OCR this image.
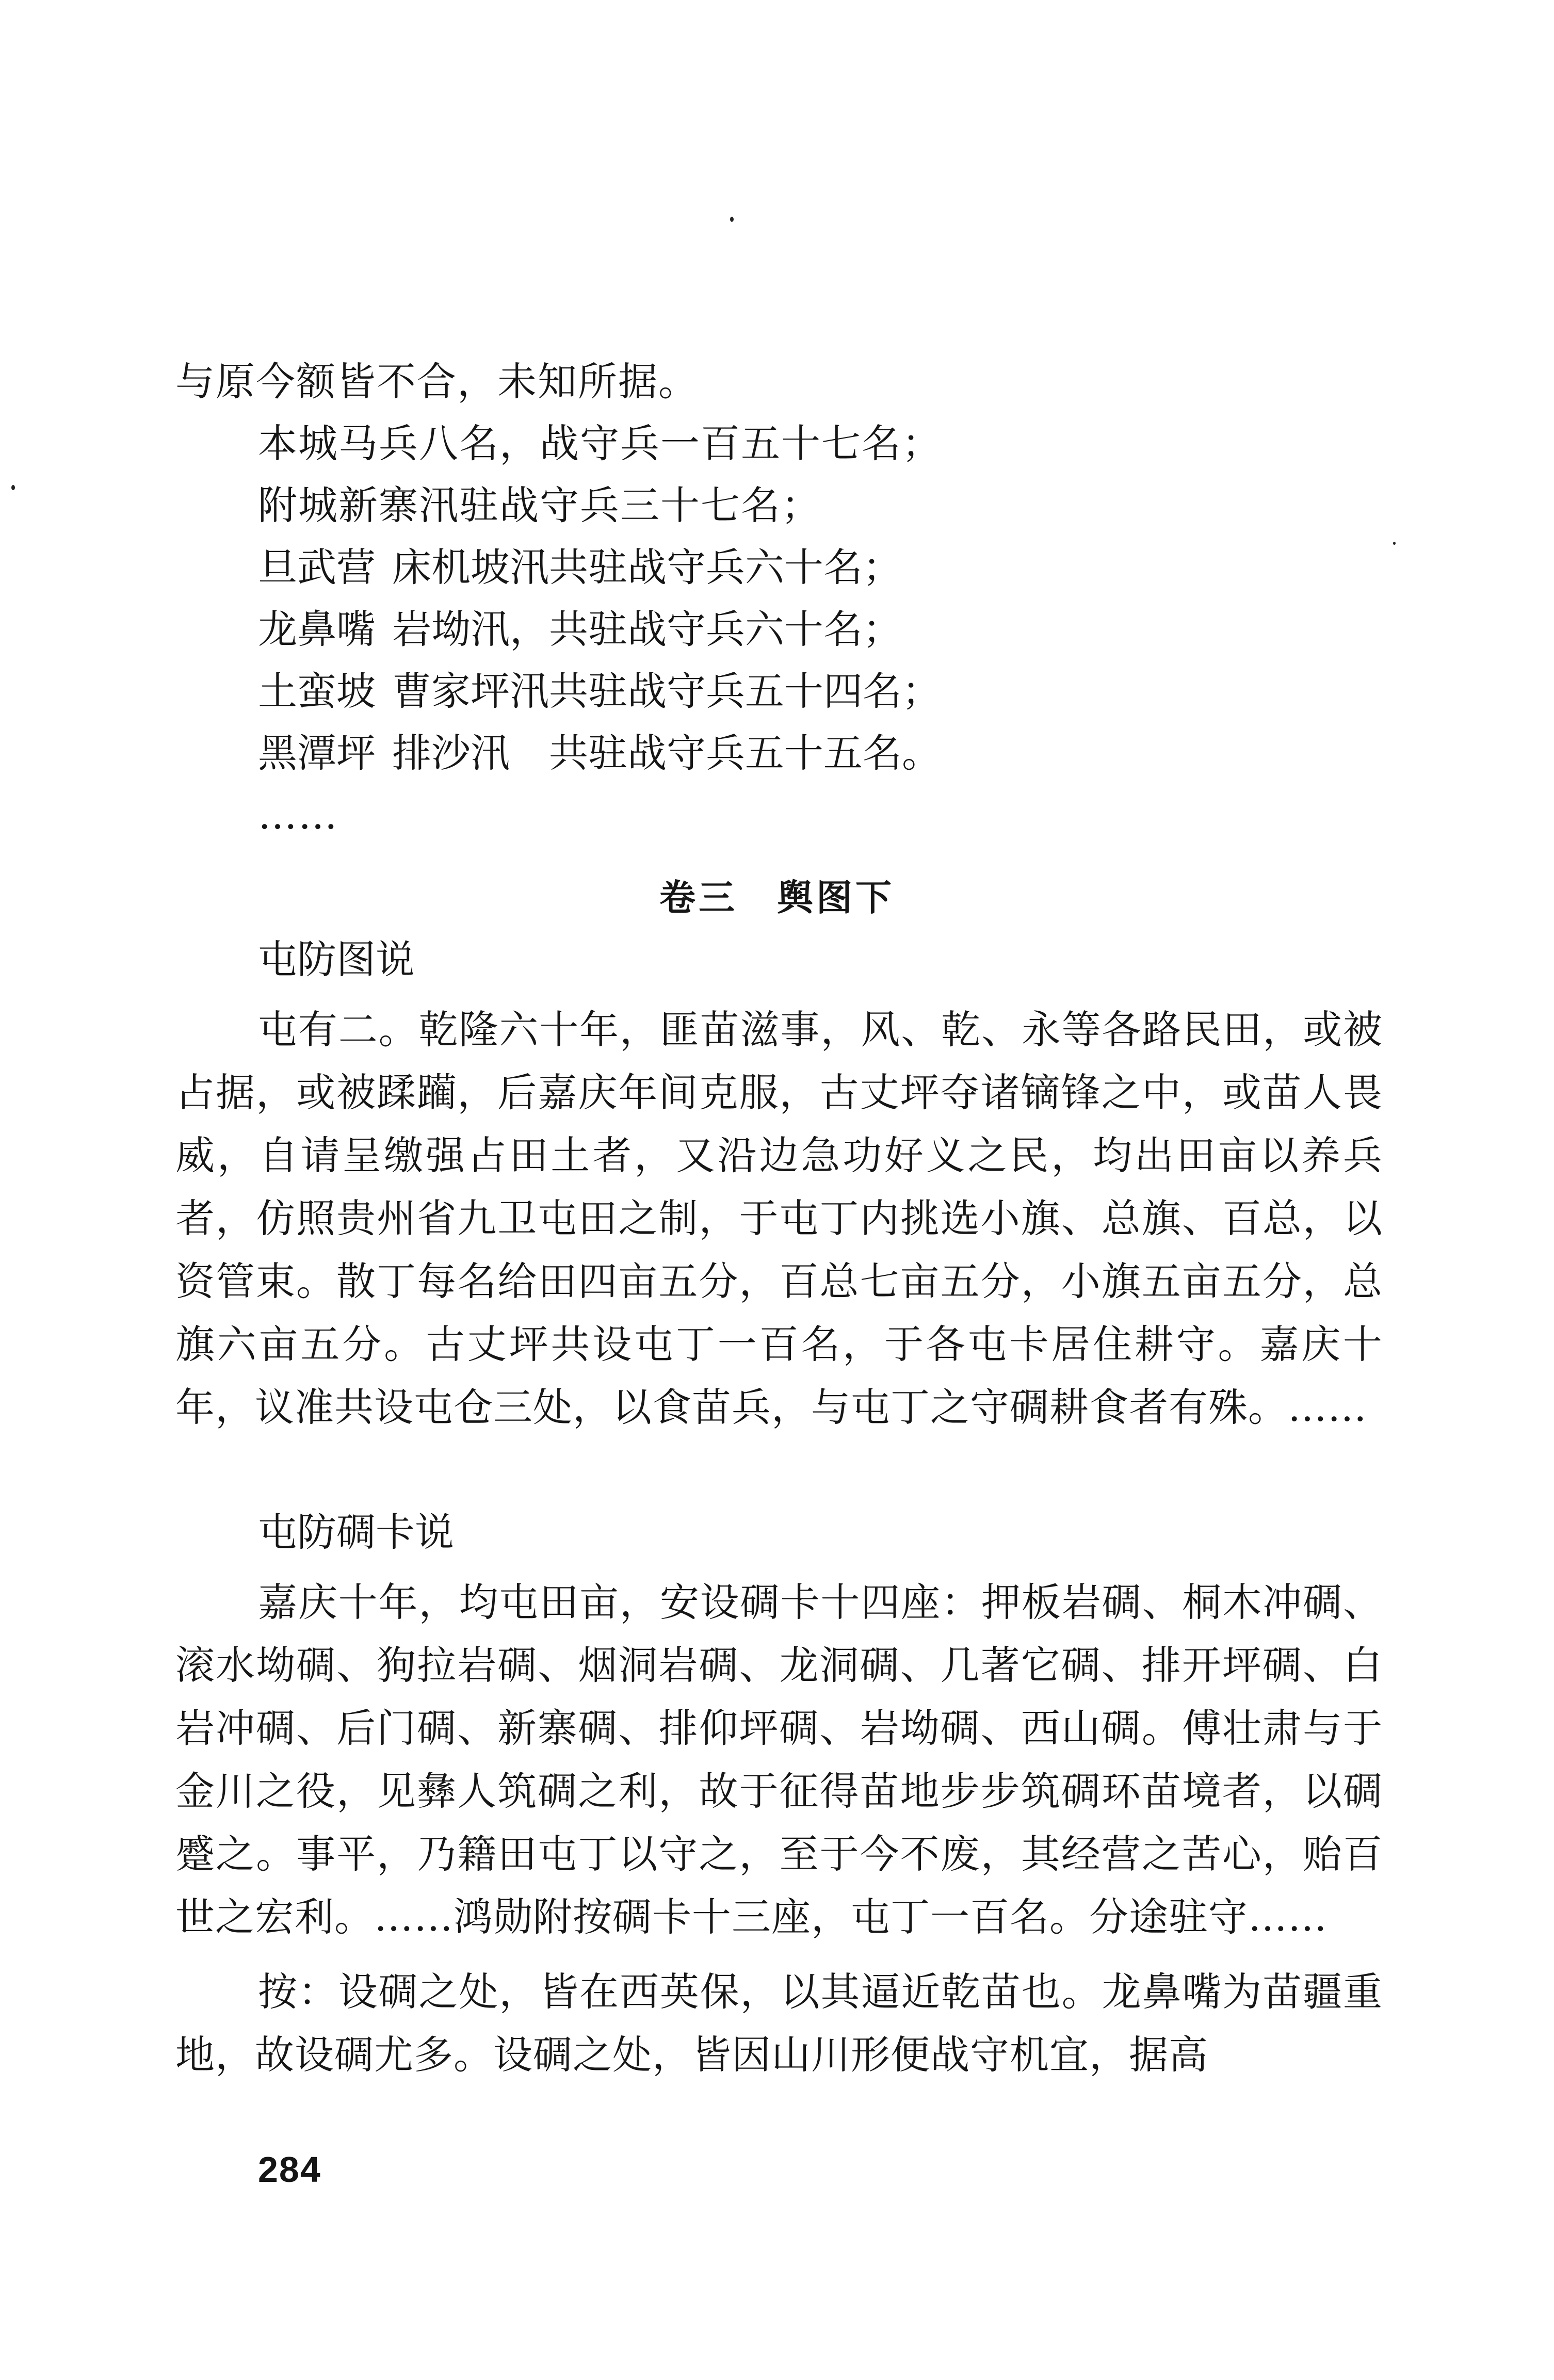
与原今额皆不合，未知所据。
本城马兵八名，战守兵一百五十七名；
附城新寨汛驻战守兵三十七名；
旦武营 床机坡汛共驻战守兵六十名；
龙鼻嘴 岩坳汛，共驻战守兵六十名；
土蛮坡 曹家坪汛共驻战守兵五十四名；
黑潭坪 排沙汛　共驻战守兵五十五名。
……
卷三　舆图下
屯防图说
屯有二。乾隆六十年，匪苗滋事，风、乾、永等各路民田，或被占据，或被蹂躏，后嘉庆年间克服，古丈坪夺诸镝锋之中，或苗人畏威，自请呈缴强占田土者，又沿边急功好义之民，均出田亩以养兵者，仿照贵州省九卫屯田之制，于屯丁内挑选小旗、总旗、百总，以资管束。散丁每名给田四亩五分，百总七亩五分，小旗五亩五分，总旗六亩五分。古丈坪共设屯丁一百名，于各屯卡居住耕守。嘉庆十年，议准共设屯仓三处，以食苗兵，与屯丁之守碉耕食者有殊。……
屯防碉卡说
嘉庆十年，均屯田亩，安设碉卡十四座：押板岩碉、桐木冲碉、滚水坳碉、狗拉岩碉、烟洞岩碉、龙洞碉、几著它碉、排开坪碉、白岩冲碉、后门碉、新寨碉、排仰坪碉、岩坳碉、西山碉。傅壮肃与于金川之役，见彝人筑碉之利，故于征得苗地步步筑碉环苗境者，以碉蹙之。事平，乃籍田屯丁以守之，至于今不废，其经营之苦心，贻百世之宏利。……鸿勋附按碉卡十三座，屯丁一百名。分途驻守……
按：设碉之处，皆在西英保，以其逼近乾苗也。龙鼻嘴为苗疆重地，故设碉尤多。设碉之处，皆因山川形便战守机宜，据高
284
